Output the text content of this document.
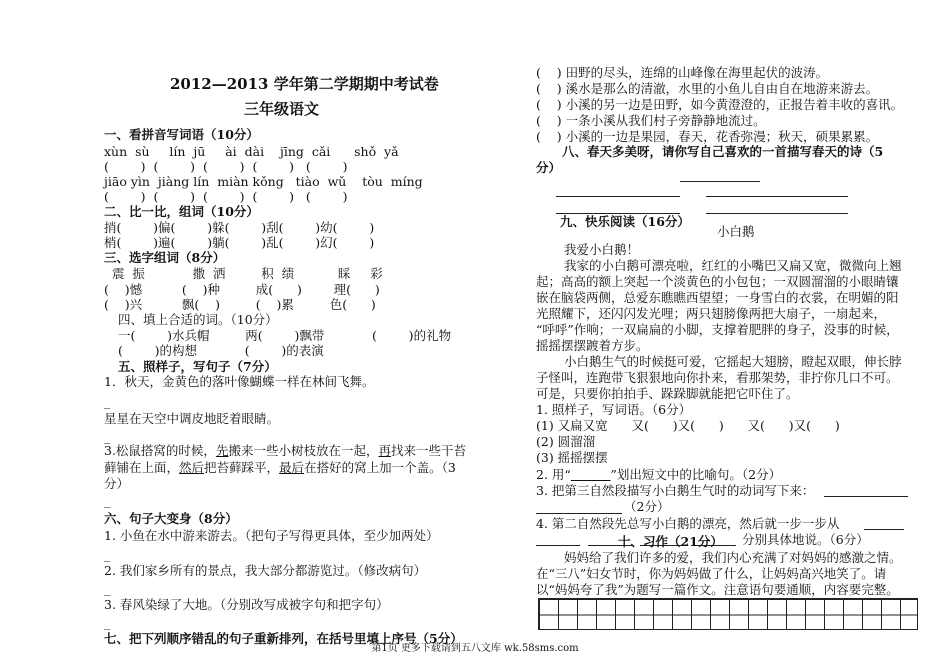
2012—2013 学年第二学期期中考试卷
三年级语文
一、看拼音写词语（10分）
xùn  sù     lín  jū     ài  dài    jīng  cǎi      shǒ  yǎ
(        )  (        )  (        )  (        )   (        )
jiāo yìn  jiàng lín  miàn kǒng   tiào  wǔ    tòu  míng
(        )  (        )  (        )  (        )   (        )
二、比一比，组词（10分）
捎(        )偏(        )躲(        )刮(        )幼(        )
梢(        )遍(        )躺(        )乱(        )幻(        )
三、选字组词（8分）
震  振            撒  洒         积  绩           睬     彩
(    )憾          (    )种         成(      )        理(      )
(    )兴          飘(    )         (    )累         色(      )
四、填上合适的词。（10分）
一(        )水兵帽         两(        )飘带            (        )的礼物
(        )的构想            (        )的表演
五、照样子，写句子（7分）
1．秋天，金黄色的落叶像蝴蝶一样在林间飞舞。
_
星星在天空中调皮地眨着眼睛。
_
3.松鼠搭窝的时候，先搬来一些小树枝放在一起，再找来一些干苔
藓铺在上面，然后把苔藓踩平，最后在搭好的窝上加一个盖。（3
分）
_
六、句子大变身（8分）
1. 小鱼在水中游来游去。（把句子写得更具体，至少加两处）
_
2. 我们家乡所有的景点，我大部分都游览过。（修改病句）
_
3. 春风染绿了大地。（分别改写成被字句和把字句）
_
七、把下列顺序错乱的句子重新排列，在括号里填上序号（5分）
(    ) 田野的尽头，连绵的山峰像在海里起伏的波涛。
(    ) 溪水是那么的清澈，水里的小鱼儿自由自在地游来游去。
(    ) 小溪的另一边是田野，如今黄澄澄的，正报告着丰收的喜讯。
(    ) 一条小溪从我们村子旁静静地流过。
(    ) 小溪的一边是果园，春天，花香弥漫；秋天，硕果累累。
八、春天多美呀，请你写自己喜欢的一首描写春天的诗（5
分）
九、快乐阅读（16分）
小白鹅
我爱小白鹅！
我家的小白鹅可漂亮啦，红红的小嘴巴又扁又宽，微微向上翘
起；高高的额上突起一个淡黄色的小包包；一双圆溜溜的小眼睛镶
嵌在脑袋两侧，总爱东瞧瞧西望望；一身雪白的衣裳，在明媚的阳
光照耀下，还闪闪发光哩；两只翅膀像两把大扇子，一扇起来，
“呼呼”作响；一双扁扁的小脚，支撑着肥胖的身子，没事的时候，
摇摇摆摆踱着方步。
小白鹅生气的时候挺可爱，它摇起大翅膀，瞪起双眼，伸长脖
子怪叫，连跑带飞狠狠地向你扑来，看那架势，非拧你几口不可。
可是，只要你拍拍手、跺跺脚就能把它吓住了。
1. 照样子，写词语。（6分）
(1) 又扁又宽      又(      )又(      )      又(      )又(      )
(2) 圆溜溜
(3) 摇摇摆摆
2. 用“	”划出短文中的比喻句。（2分）
3. 把第三自然段描写小白鹅生气时的动词写下来：
（2分）
4. 第二自然段先总写小白鹅的漂亮，然后就一步一步从
分别具体地说。（6分）
十、习作（21分）
妈妈给了我们许多的爱，我们内心充满了对妈妈的感激之情。
在“三八”妇女节时，你为妈妈做了什么，让妈妈高兴地笑了。请
以“妈妈夸了我”为题写一篇作文。注意语句要通顺，内容要完整。
第1页 更多下载请到五八文库 wk.58sms.com
